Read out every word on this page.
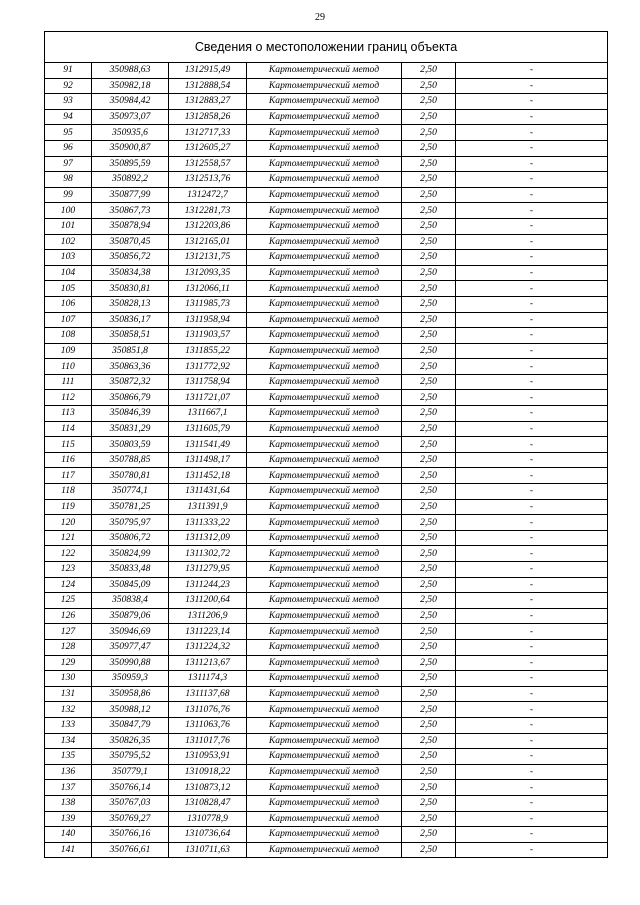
29
Сведения о местоположении границ объекта					
91	350988,63	1312915,49	Картометрический метод	2,50	-
92	350982,18	1312888,54	Картометрический метод	2,50	-
93	350984,42	1312883,27	Картометрический метод	2,50	-
94	350973,07	1312858,26	Картометрический метод	2,50	-
95	350935,6	1312717,33	Картометрический метод	2,50	-
96	350900,87	1312605,27	Картометрический метод	2,50	-
97	350895,59	1312558,57	Картометрический метод	2,50	-
98	350892,2	1312513,76	Картометрический метод	2,50	-
99	350877,99	1312472,7	Картометрический метод	2,50	-
100	350867,73	1312281,73	Картометрический метод	2,50	-
101	350878,94	1312203,86	Картометрический метод	2,50	-
102	350870,45	1312165,01	Картометрический метод	2,50	-
103	350856,72	1312131,75	Картометрический метод	2,50	-
104	350834,38	1312093,35	Картометрический метод	2,50	-
105	350830,81	1312066,11	Картометрический метод	2,50	-
106	350828,13	1311985,73	Картометрический метод	2,50	-
107	350836,17	1311958,94	Картометрический метод	2,50	-
108	350858,51	1311903,57	Картометрический метод	2,50	-
109	350851,8	1311855,22	Картометрический метод	2,50	-
110	350863,36	1311772,92	Картометрический метод	2,50	-
111	350872,32	1311758,94	Картометрический метод	2,50	-
112	350866,79	1311721,07	Картометрический метод	2,50	-
113	350846,39	1311667,1	Картометрический метод	2,50	-
114	350831,29	1311605,79	Картометрический метод	2,50	-
115	350803,59	1311541,49	Картометрический метод	2,50	-
116	350788,85	1311498,17	Картометрический метод	2,50	-
117	350780,81	1311452,18	Картометрический метод	2,50	-
118	350774,1	1311431,64	Картометрический метод	2,50	-
119	350781,25	1311391,9	Картометрический метод	2,50	-
120	350795,97	1311333,22	Картометрический метод	2,50	-
121	350806,72	1311312,09	Картометрический метод	2,50	-
122	350824,99	1311302,72	Картометрический метод	2,50	-
123	350833,48	1311279,95	Картометрический метод	2,50	-
124	350845,09	1311244,23	Картометрический метод	2,50	-
125	350838,4	1311200,64	Картометрический метод	2,50	-
126	350879,06	1311206,9	Картометрический метод	2,50	-
127	350946,69	1311223,14	Картометрический метод	2,50	-
128	350977,47	1311224,32	Картометрический метод	2,50	-
129	350990,88	1311213,67	Картометрический метод	2,50	-
130	350959,3	1311174,3	Картометрический метод	2,50	-
131	350958,86	1311137,68	Картометрический метод	2,50	-
132	350988,12	1311076,76	Картометрический метод	2,50	-
133	350847,79	1311063,76	Картометрический метод	2,50	-
134	350826,35	1311017,76	Картометрический метод	2,50	-
135	350795,52	1310953,91	Картометрический метод	2,50	-
136	350779,1	1310918,22	Картометрический метод	2,50	-
137	350766,14	1310873,12	Картометрический метод	2,50	-
138	350767,03	1310828,47	Картометрический метод	2,50	-
139	350769,27	1310778,9	Картометрический метод	2,50	-
140	350766,16	1310736,64	Картометрический метод	2,50	-
141	350766,61	1310711,63	Картометрический метод	2,50	-
